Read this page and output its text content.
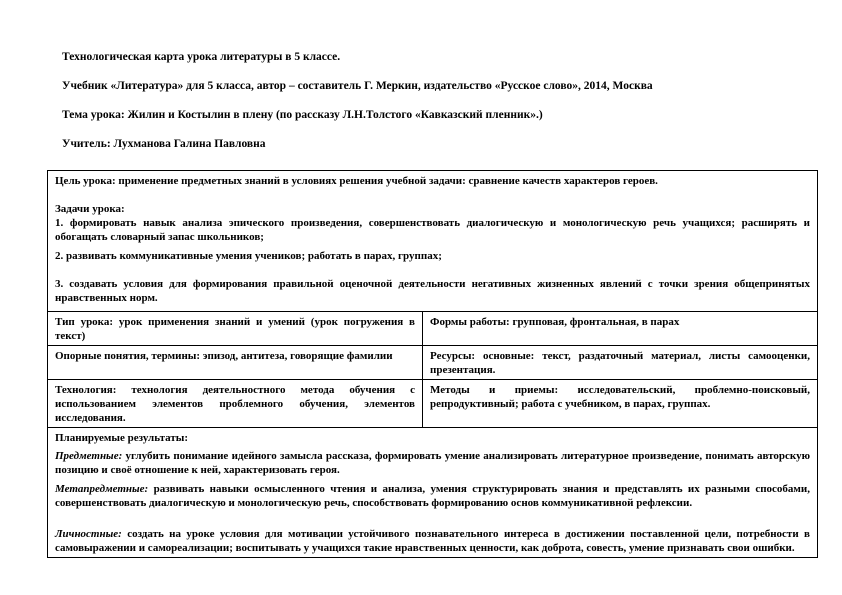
Технологическая карта урока литературы в 5 классе.

Учебник «Литература» для 5 класса, автор – составитель Г. Меркин, издательство «Русское слово», 2014, Москва

Тема урока: Жилин и Костылин в плену (по рассказу Л.Н.Толстого «Кавказский пленник».)

Учитель: Лухманова Галина Павловна

Цель урока: применение предметных знаний в условиях решения учебной задачи: сравнение качеств характеров героев.

Задачи урока:

1. формировать навык анализа эпического произведения, совершенствовать диалогическую и монологическую речь учащихся; расширять и обогащать словарный запас школьников;

2. развивать коммуникативные умения учеников; работать в парах, группах;

3. создавать условия для формирования правильной оценочной деятельности негативных жизненных явлений с точки зрения общепринятых нравственных норм.	

Тип урока: урок применения знаний и умений (урок погружения в текст)	Формы работы: групповая, фронтальная, в парах
Опорные понятия, термины: эпизод, антитеза, говорящие фамилии	Ресурсы: основные: текст, раздаточный материал, листы самооценки, презентация.
Технология: технология деятельностного метода обучения с использованием элементов проблемного обучения, элементов исследования.	Методы и приемы: исследовательский, проблемно-поисковый, репродуктивный; работа с учебником, в парах, группах.

Планируемые результаты:

Предметные: углубить понимание идейного замысла рассказа, формировать умение анализировать литературное произведение, понимать авторскую позицию и своё отношение к ней, характеризовать героя.

Метапредметные: развивать навыки осмысленного чтения и анализа, умения структурировать знания и представлять их разными способами, совершенствовать диалогическую и монологическую речь, способствовать формированию основ коммуникативной рефлексии.

Личностные: создать на уроке условия для мотивации устойчивого познавательного интереса в достижении поставленной цели, потребности в самовыражении и самореализации; воспитывать у учащихся такие нравственных ценности, как доброта, совесть, умение признавать свои ошибки.	
